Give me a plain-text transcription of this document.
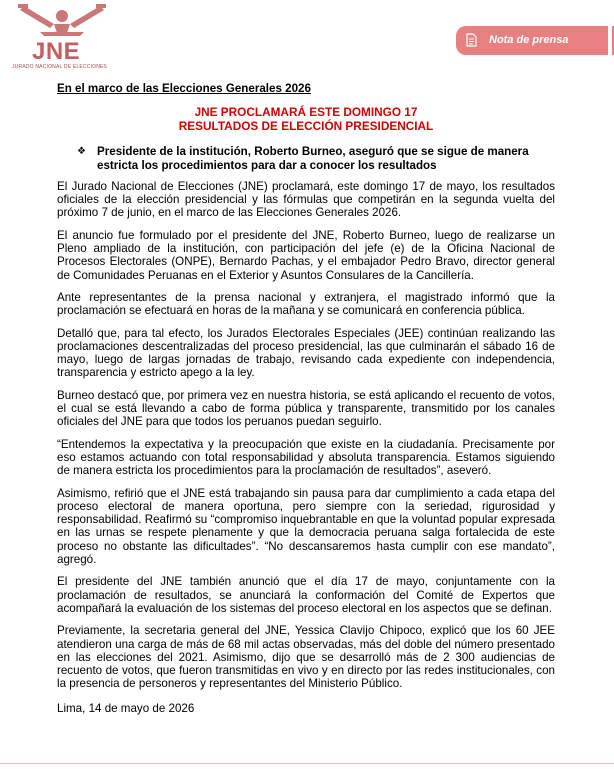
JNE
JURADO NACIONAL DE ELECCIONES
Nota de prensa

En el marco de las Elecciones Generales 2026

JNE PROCLAMARÁ ESTE DOMINGO 17
RESULTADOS DE ELECCIÓN PRESIDENCIAL
❖ Presidente de la institución, Roberto Burneo, aseguró que se sigue de manera estricta los procedimientos para dar a conocer los resultados

El Jurado Nacional de Elecciones (JNE) proclamará, este domingo 17 de mayo, los resultados oficiales de la elección presidencial y las fórmulas que competirán en la segunda vuelta del próximo 7 de junio, en el marco de las Elecciones Generales 2026.

El anuncio fue formulado por el presidente del JNE, Roberto Burneo, luego de realizarse un Pleno ampliado de la institución, con participación del jefe (e) de la Oficina Nacional de Procesos Electorales (ONPE), Bernardo Pachas, y el embajador Pedro Bravo, director general de Comunidades Peruanas en el Exterior y Asuntos Consulares de la Cancillería.

Ante representantes de la prensa nacional y extranjera, el magistrado informó que la proclamación se efectuará en horas de la mañana y se comunicará en conferencia pública.

Detalló que, para tal efecto, los Jurados Electorales Especiales (JEE) continúan realizando las proclamaciones descentralizadas del proceso presidencial, las que culminarán el sábado 16 de mayo, luego de largas jornadas de trabajo, revisando cada expediente con independencia, transparencia y estricto apego a la ley.

Burneo destacó que, por primera vez en nuestra historia, se está aplicando el recuento de votos, el cual se está llevando a cabo de forma pública y transparente, transmitido por los canales oficiales del JNE para que todos los peruanos puedan seguirlo.

“Entendemos la expectativa y la preocupación que existe en la ciudadanía. Precisamente por eso estamos actuando con total responsabilidad y absoluta transparencia. Estamos siguiendo de manera estricta los procedimientos para la proclamación de resultados”, aseveró.

Asimismo, refirió que el JNE está trabajando sin pausa para dar cumplimiento a cada etapa del proceso electoral de manera oportuna, pero siempre con la seriedad, rigurosidad y responsabilidad. Reafirmó su “compromiso inquebrantable en que la voluntad popular expresada en las urnas se respete plenamente y que la democracia peruana salga fortalecida de este proceso no obstante las dificultades”. “No descansaremos hasta cumplir con ese mandato”, agregó.

El presidente del JNE también anunció que el día 17 de mayo, conjuntamente con la proclamación de resultados, se anunciará la conformación del Comité de Expertos que acompañará la evaluación de los sistemas del proceso electoral en los aspectos que se definan.

Previamente, la secretaria general del JNE, Yessica Clavijo Chipoco, explicó que los 60 JEE atendieron una carga de más de 68 mil actas observadas, más del doble del número presentado en las elecciones del 2021. Asimismo, dijo que se desarrolló más de 2 300 audiencias de recuento de votos, que fueron transmitidas en vivo y en directo por las redes institucionales, con la presencia de personeros y representantes del Ministerio Público.

Lima, 14 de mayo de 2026
